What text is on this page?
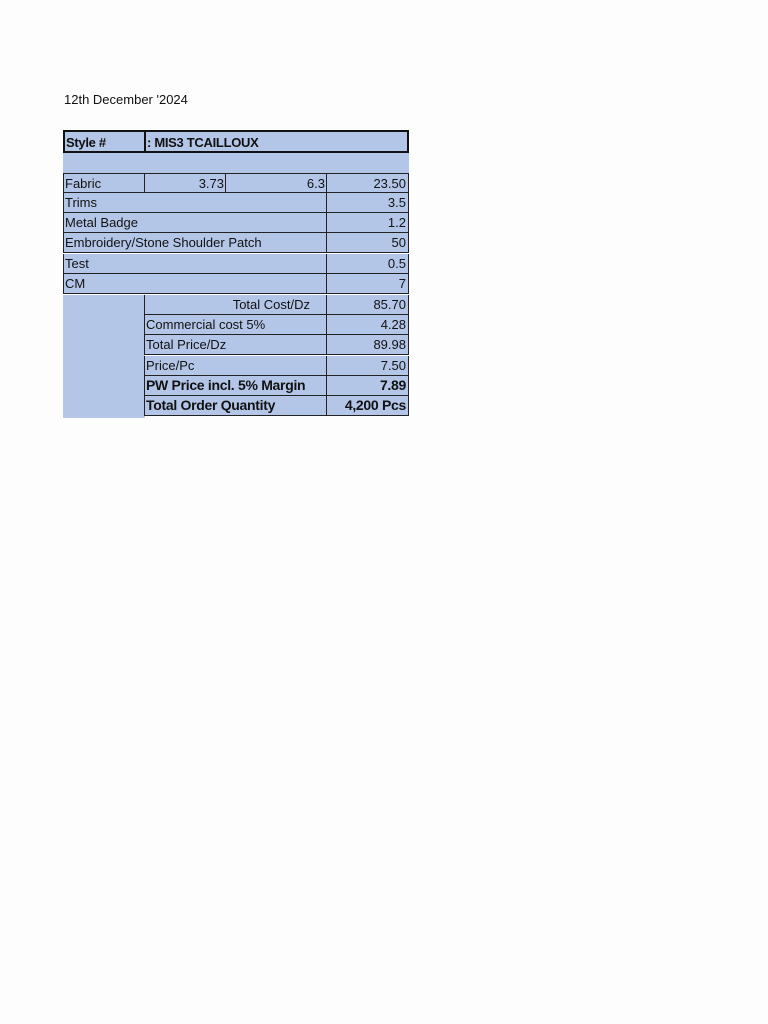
12th December '2024
Style #	: MIS3 TCAILLOUX
Fabric	3.73	6.3	23.50
Trims	3.5
Metal Badge	1.2
Embroidery/Stone Shoulder Patch	50
Test	0.5
CM	7
Total Cost/Dz	85.70
Commercial cost 5%	4.28
Total Price/Dz	89.98
Price/Pc	7.50
PW Price incl. 5% Margin	7.89
Total Order Quantity	4,200 Pcs
